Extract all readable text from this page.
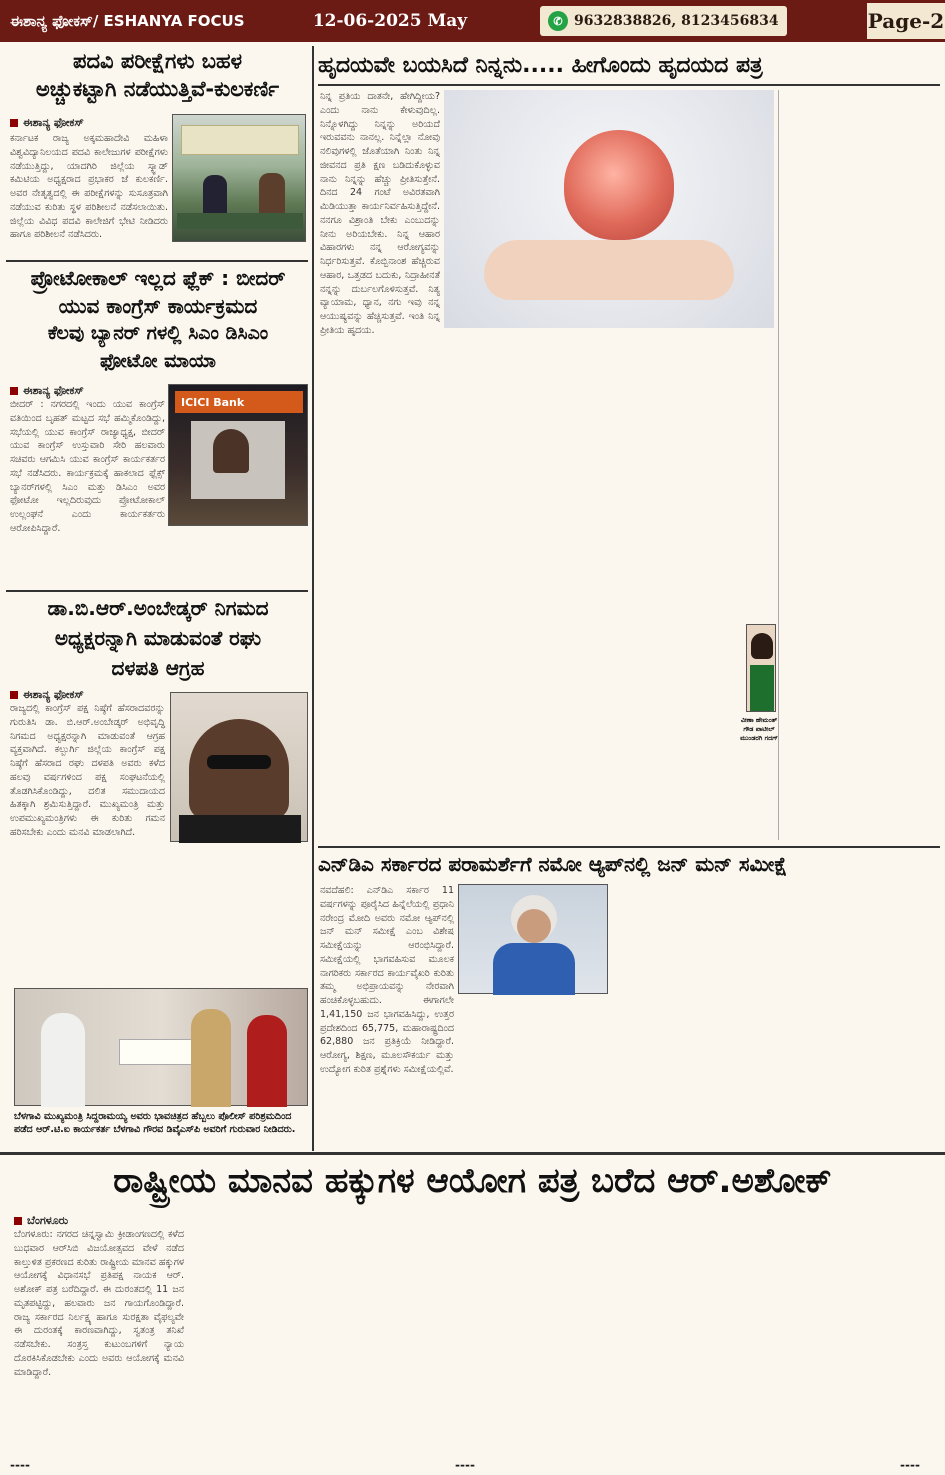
ಈಶಾನ್ಯ ಫೋಕಸ್/ ESHANYA FOCUS	12-06-2025 May	✆ 9632838826, 8123456834	Page-2
ಪದವಿ ಪರೀಕ್ಷೆಗಳು ಬಹಳ
ಅಚ್ಚುಕಟ್ಟಾಗಿ ನಡೆಯುತ್ತಿವೆ-ಕುಲಕರ್ಣಿ
ಈಶಾನ್ಯ ಫೋಕಸ್
ಕರ್ನಾಟಕ ರಾಜ್ಯ ಅಕ್ಕಮಹಾದೇವಿ ಮಹಿಳಾ ವಿಶ್ವವಿದ್ಯಾನಿಲಯದ ಪದವಿ ಕಾಲೇಜುಗಳ ಪರೀಕ್ಷೆಗಳು ನಡೆಯುತ್ತಿದ್ದು, ಯಾದಗಿರಿ ಜಿಲ್ಲೆಯ ಸ್ಕ್ವಾಡ್ ಕಮಿಟಿಯ ಅಧ್ಯಕ್ಷರಾದ ಪ್ರಭಾಕರ ಜೆ ಕುಲಕರ್ಣಿ. ಅವರ ನೇತೃತ್ವದಲ್ಲಿ ಈ ಪರೀಕ್ಷೆಗಳನ್ನು ಸುಸೂತ್ರವಾಗಿ ನಡೆಯುವ ಕುರಿತು ಸ್ಥಳ ಪರಿಶೀಲನೆ ನಡೆಸಲಾಯಿತು. ಜಿಲ್ಲೆಯ ವಿವಿಧ ಪದವಿ ಕಾಲೇಜಿಗೆ ಭೇಟಿ ನೀಡಿದರು ಹಾಗೂ ಪರಿಶೀಲನೆ ನಡೆಸಿದರು.
ಪ್ರೋಟೋಕಾಲ್ ಇಲ್ಲದ ಫ್ಲೆಕ್ : ಬೀದರ್
ಯುವ ಕಾಂಗ್ರೆಸ್ ಕಾರ್ಯಕ್ರಮದ
ಕೆಲವು ಬ್ಯಾನರ್ ಗಳಲ್ಲಿ ಸಿಎಂ ಡಿಸಿಎಂ
ಫೋಟೋ ಮಾಯಾ
ಈಶಾನ್ಯ ಫೋಕಸ್
ಬೀದರ್ : ನಗರದಲ್ಲಿ ಇಂದು ಯುವ ಕಾಂಗ್ರೆಸ್ ವತಿಯಿಂದ ಬೃಹತ್ ಮಟ್ಟದ ಸಭೆ ಹಮ್ಮಿಕೊಂಡಿದ್ದು, ಸಭೆಯಲ್ಲಿ ಯುವ ಕಾಂಗ್ರೆಸ್ ರಾಜ್ಯಾಧ್ಯಕ್ಷ, ಬೀದರ್ ಯುವ ಕಾಂಗ್ರೆಸ್ ಉಸ್ತುವಾರಿ ಸೇರಿ ಹಲವಾರು ಸಚಿವರು ಆಗಮಿಸಿ ಯುವ ಕಾಂಗ್ರೆಸ್ ಕಾರ್ಯಕರ್ತರ ಸಭೆ ನಡೆಸಿದರು. ಕಾರ್ಯಕ್ರಮಕ್ಕೆ ಹಾಕಲಾದ ಫ್ಲೆಕ್ಸ್ ಬ್ಯಾನರ್‌ಗಳಲ್ಲಿ ಸಿಎಂ ಮತ್ತು ಡಿಸಿಎಂ ಅವರ ಫೋಟೋ ಇಲ್ಲದಿರುವುದು ಪ್ರೋಟೋಕಾಲ್ ಉಲ್ಲಂಘನೆ ಎಂದು ಕಾರ್ಯಕರ್ತರು ಆರೋಪಿಸಿದ್ದಾರೆ.
ICICI Bank
ಡಾ.ಬಿ.ಆರ್.ಅಂಬೇಡ್ಕರ್ ನಿಗಮದ
ಅಧ್ಯಕ್ಷರನ್ನಾಗಿ ಮಾಡುವಂತೆ ರಘು
ದಳಪತಿ ಆಗ್ರಹ
ಈಶಾನ್ಯ ಫೋಕಸ್
ರಾಜ್ಯದಲ್ಲಿ ಕಾಂಗ್ರೆಸ್ ಪಕ್ಷ ನಿಷ್ಠೆಗೆ ಹೆಸರಾದವರನ್ನು ಗುರುತಿಸಿ ಡಾ. ಬಿ.ಆರ್.ಅಂಬೇಡ್ಕರ್ ಅಭಿವೃದ್ಧಿ ನಿಗಮದ ಅಧ್ಯಕ್ಷರನ್ನಾಗಿ ಮಾಡುವಂತೆ ಆಗ್ರಹ ವ್ಯಕ್ತವಾಗಿದೆ. ಕಲ್ಬುರ್ಗಿ ಜಿಲ್ಲೆಯ ಕಾಂಗ್ರೆಸ್ ಪಕ್ಷ ನಿಷ್ಠೆಗೆ ಹೆಸರಾದ ರಘು ದಳಪತಿ ಅವರು ಕಳೆದ ಹಲವು ವರ್ಷಗಳಿಂದ ಪಕ್ಷ ಸಂಘಟನೆಯಲ್ಲಿ ತೊಡಗಿಸಿಕೊಂಡಿದ್ದು, ದಲಿತ ಸಮುದಾಯದ ಹಿತಕ್ಕಾಗಿ ಶ್ರಮಿಸುತ್ತಿದ್ದಾರೆ. ಮುಖ್ಯಮಂತ್ರಿ ಮತ್ತು ಉಪಮುಖ್ಯಮಂತ್ರಿಗಳು ಈ ಕುರಿತು ಗಮನ ಹರಿಸಬೇಕು ಎಂದು ಮನವಿ ಮಾಡಲಾಗಿದೆ.
ಬೆಳಗಾವಿ ಮುಖ್ಯಮಂತ್ರಿ ಸಿದ್ದರಾಮಯ್ಯ ಅವರು ಭಾವಚಿತ್ರದ ಹೆಬ್ಬಲು ಪೊಲೀಸ್ ಪರಿಶ್ರಮದಿಂದ ಪಡೆದ ಆರ್.ಟಿ.ಐ ಕಾರ್ಯಕರ್ತ ಬೆಳಗಾವಿ ಗೌರವ ಡಿವೈಎಸ್‌ಪಿ ಅವರಿಗೆ ಗುರುವಾರ ನೀಡಿದರು.
ಹೃದಯವೇ ಬಯಸಿದೆ ನಿನ್ನನು..... ಹೀಗೊಂದು ಹೃದಯದ ಪತ್ರ
ನಿನ್ನ ಪ್ರತಿಯ ದಾತನೇ, ಹೇಗಿದ್ದೀಯ? ಎಂದು ನಾನು ಕೇಳುವುದಿಲ್ಲ. ನಿನ್ನೊಳಗಿದ್ದು ನಿನ್ನನ್ನು ಅರಿಯದೆ ಇರುವವನು ನಾನಲ್ಲ. ನಿನ್ನೆಲ್ಲಾ ನೋವು ನಲಿವುಗಳಲ್ಲಿ ಜೊತೆಯಾಗಿ ನಿಂತು ನಿನ್ನ ಜೀವನದ ಪ್ರತಿ ಕ್ಷಣ ಬಡಿದುಕೊಳ್ಳುವ ನಾನು ನಿನ್ನನ್ನು ಹೆಚ್ಚು ಪ್ರೀತಿಸುತ್ತೇನೆ. ದಿನದ 24 ಗಂಟೆ ಅವಿರತವಾಗಿ ಮಿಡಿಯುತ್ತಾ ಕಾರ್ಯನಿರ್ವಹಿಸುತ್ತಿದ್ದೇನೆ. ನನಗೂ ವಿಶ್ರಾಂತಿ ಬೇಕು ಎಂಬುದನ್ನು ನೀನು ಅರಿಯಬೇಕು. ನಿನ್ನ ಆಹಾರ ವಿಹಾರಗಳು ನನ್ನ ಆರೋಗ್ಯವನ್ನು ನಿರ್ಧರಿಸುತ್ತವೆ. ಕೊಬ್ಬಿನಾಂಶ ಹೆಚ್ಚಿರುವ ಆಹಾರ, ಒತ್ತಡದ ಬದುಕು, ನಿದ್ರಾಹೀನತೆ ನನ್ನನ್ನು ದುರ್ಬಲಗೊಳಿಸುತ್ತವೆ. ನಿತ್ಯ ವ್ಯಾಯಾಮ, ಧ್ಯಾನ, ನಗು ಇವು ನನ್ನ ಆಯುಷ್ಯವನ್ನು ಹೆಚ್ಚಿಸುತ್ತವೆ. ಇಂತಿ ನಿನ್ನ ಪ್ರೀತಿಯ ಹೃದಯ.
ವೀಣಾ ಹೇಮಂತ್ ಗೌಡ ಪಾಟೀಲ್ ಮುಂಡರಗಿ ಗದಗ್
ಎನ್‌ಡಿಎ ಸರ್ಕಾರದ ಪರಾಮರ್ಶೆಗೆ ನಮೋ ಆ್ಯಪ್‌ನಲ್ಲಿ ಜನ್ ಮನ್ ಸಮೀಕ್ಷೆ
ನವದೆಹಲಿ: ಎನ್‌ಡಿಎ ಸರ್ಕಾರ 11 ವರ್ಷಗಳನ್ನು ಪೂರೈಸಿದ ಹಿನ್ನೆಲೆಯಲ್ಲಿ ಪ್ರಧಾನಿ ನರೇಂದ್ರ ಮೋದಿ ಅವರು ನಮೋ ಆ್ಯಪ್‌ನಲ್ಲಿ ಜನ್ ಮನ್ ಸಮೀಕ್ಷೆ ಎಂಬ ವಿಶೇಷ ಸಮೀಕ್ಷೆಯನ್ನು ಆರಂಭಿಸಿದ್ದಾರೆ. ಸಮೀಕ್ಷೆಯಲ್ಲಿ ಭಾಗವಹಿಸುವ ಮೂಲಕ ನಾಗರಿಕರು ಸರ್ಕಾರದ ಕಾರ್ಯವೈಖರಿ ಕುರಿತು ತಮ್ಮ ಅಭಿಪ್ರಾಯವನ್ನು ನೇರವಾಗಿ ಹಂಚಿಕೊಳ್ಳಬಹುದು. ಈಗಾಗಲೇ 1,41,150 ಜನ ಭಾಗವಹಿಸಿದ್ದು, ಉತ್ತರ ಪ್ರದೇಶದಿಂದ 65,775, ಮಹಾರಾಷ್ಟ್ರದಿಂದ 62,880 ಜನ ಪ್ರತಿಕ್ರಿಯೆ ನೀಡಿದ್ದಾರೆ. ಆರೋಗ್ಯ, ಶಿಕ್ಷಣ, ಮೂಲಸೌಕರ್ಯ ಮತ್ತು ಉದ್ಯೋಗ ಕುರಿತ ಪ್ರಶ್ನೆಗಳು ಸಮೀಕ್ಷೆಯಲ್ಲಿವೆ.
ರಾಷ್ಟ್ರೀಯ ಮಾನವ ಹಕ್ಕುಗಳ ಆಯೋಗ ಪತ್ರ ಬರೆದ ಆರ್.ಅಶೋಕ್
ಬೆಂಗಳೂರು
ಬೆಂಗಳೂರು: ನಗರದ ಚಿನ್ನಸ್ವಾಮಿ ಕ್ರೀಡಾಂಗಣದಲ್ಲಿ ಕಳೆದ ಬುಧವಾರ ಆರ್‌ಸಿಬಿ ವಿಜಯೋತ್ಸವದ ವೇಳೆ ನಡೆದ ಕಾಲ್ತುಳಿತ ಪ್ರಕರಣದ ಕುರಿತು ರಾಷ್ಟ್ರೀಯ ಮಾನವ ಹಕ್ಕುಗಳ ಆಯೋಗಕ್ಕೆ ವಿಧಾನಸಭೆ ಪ್ರತಿಪಕ್ಷ ನಾಯಕ ಆರ್. ಅಶೋಕ್ ಪತ್ರ ಬರೆದಿದ್ದಾರೆ. ಈ ದುರಂತದಲ್ಲಿ 11 ಜನ ಮೃತಪಟ್ಟಿದ್ದು, ಹಲವಾರು ಜನ ಗಾಯಗೊಂಡಿದ್ದಾರೆ. ರಾಜ್ಯ ಸರ್ಕಾರದ ನಿರ್ಲಕ್ಷ್ಯ ಹಾಗೂ ಸುರಕ್ಷತಾ ವೈಫಲ್ಯವೇ ಈ ದುರಂತಕ್ಕೆ ಕಾರಣವಾಗಿದ್ದು, ಸ್ವತಂತ್ರ ತನಿಖೆ ನಡೆಸಬೇಕು. ಸಂತ್ರಸ್ತ ಕುಟುಂಬಗಳಿಗೆ ನ್ಯಾಯ ದೊರಕಿಸಿಕೊಡಬೇಕು ಎಂದು ಅವರು ಆಯೋಗಕ್ಕೆ ಮನವಿ ಮಾಡಿದ್ದಾರೆ.
----	----	----
